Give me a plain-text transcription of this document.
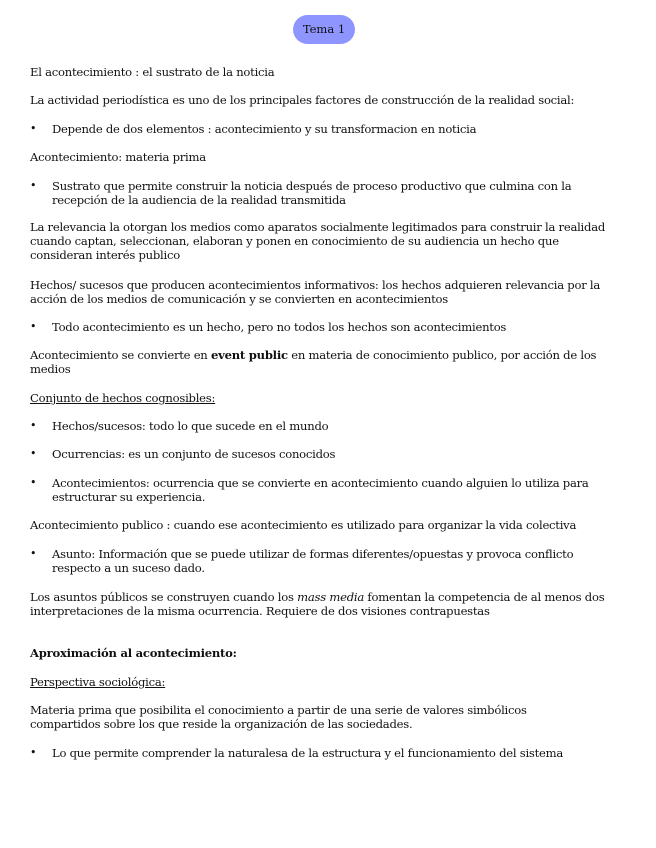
Tema 1

El acontecimiento : el sustrato de la noticia

La actividad periodística es uno de los principales factores de construcción de la realidad social:

• Depende de dos elementos : acontecimiento y su transformacion en noticia

Acontecimiento: materia prima

• Sustrato que permite construir la noticia después de proceso productivo que culmina con la recepción de la audiencia de la realidad transmitida

La relevancia la otorgan los medios como aparatos socialmente legitimados para construir la realidad cuando captan, seleccionan, elaboran y ponen en conocimiento de su audiencia un hecho que consideran interés publico

Hechos/ sucesos que producen acontecimientos informativos: los hechos adquieren relevancia por la acción de los medios de comunicación y se convierten en acontecimientos

• Todo acontecimiento es un hecho, pero no todos los hechos son acontecimientos

Acontecimiento se convierte en event public en materia de conocimiento publico, por acción de los medios

Conjunto de hechos cognosibles:

• Hechos/sucesos: todo lo que sucede en el mundo

• Ocurrencias: es un conjunto de sucesos conocidos

• Acontecimientos: ocurrencia que se convierte en acontecimiento cuando alguien lo utiliza para estructurar su experiencia.

Acontecimiento publico : cuando ese acontecimiento es utilizado para organizar la vida colectiva

• Asunto: Información que se puede utilizar de formas diferentes/opuestas y provoca conflicto respecto a un suceso dado.

Los asuntos públicos se construyen cuando los mass media fomentan la competencia de al menos dos interpretaciones de la misma ocurrencia. Requiere de dos visiones contrapuestas

Aproximación al acontecimiento:

Perspectiva sociológica:

Materia prima que posibilita el conocimiento a partir de una serie de valores simbólicos compartidos sobre los que reside la organización de las sociedades.

• Lo que permite comprender la naturalesa de la estructura y el funcionamiento del sistema
